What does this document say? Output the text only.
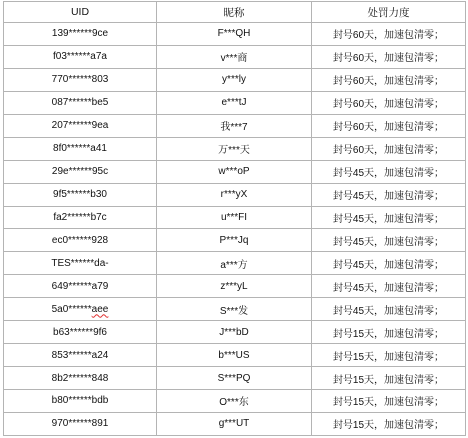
UID	昵称	处罚力度
139******9ce	F***QH	封号60天，加速包清零；
f03******a7a	v***商	封号60天，加速包清零；
770******803	y***ly	封号60天，加速包清零；
087******be5	e***tJ	封号60天，加速包清零；
207******9ea	我***7	封号60天，加速包清零；
8f0******a41	万***天	封号60天，加速包清零；
29e******95c	w***oP	封号45天，加速包清零；
9f5******b30	r***yX	封号45天，加速包清零；
fa2******b7c	u***FI	封号45天，加速包清零；
ec0******928	P***Jq	封号45天，加速包清零；
TES******da-	a***方	封号45天，加速包清零；
649******a79	z***yL	封号45天，加速包清零；
5a0******aee	S***发	封号45天，加速包清零；
b63******9f6	J***bD	封号15天，加速包清零；
853******a24	b***US	封号15天，加速包清零；
8b2******848	S***PQ	封号15天，加速包清零；
b80******bdb	O***东	封号15天，加速包清零；
970******891	g***UT	封号15天，加速包清零；
